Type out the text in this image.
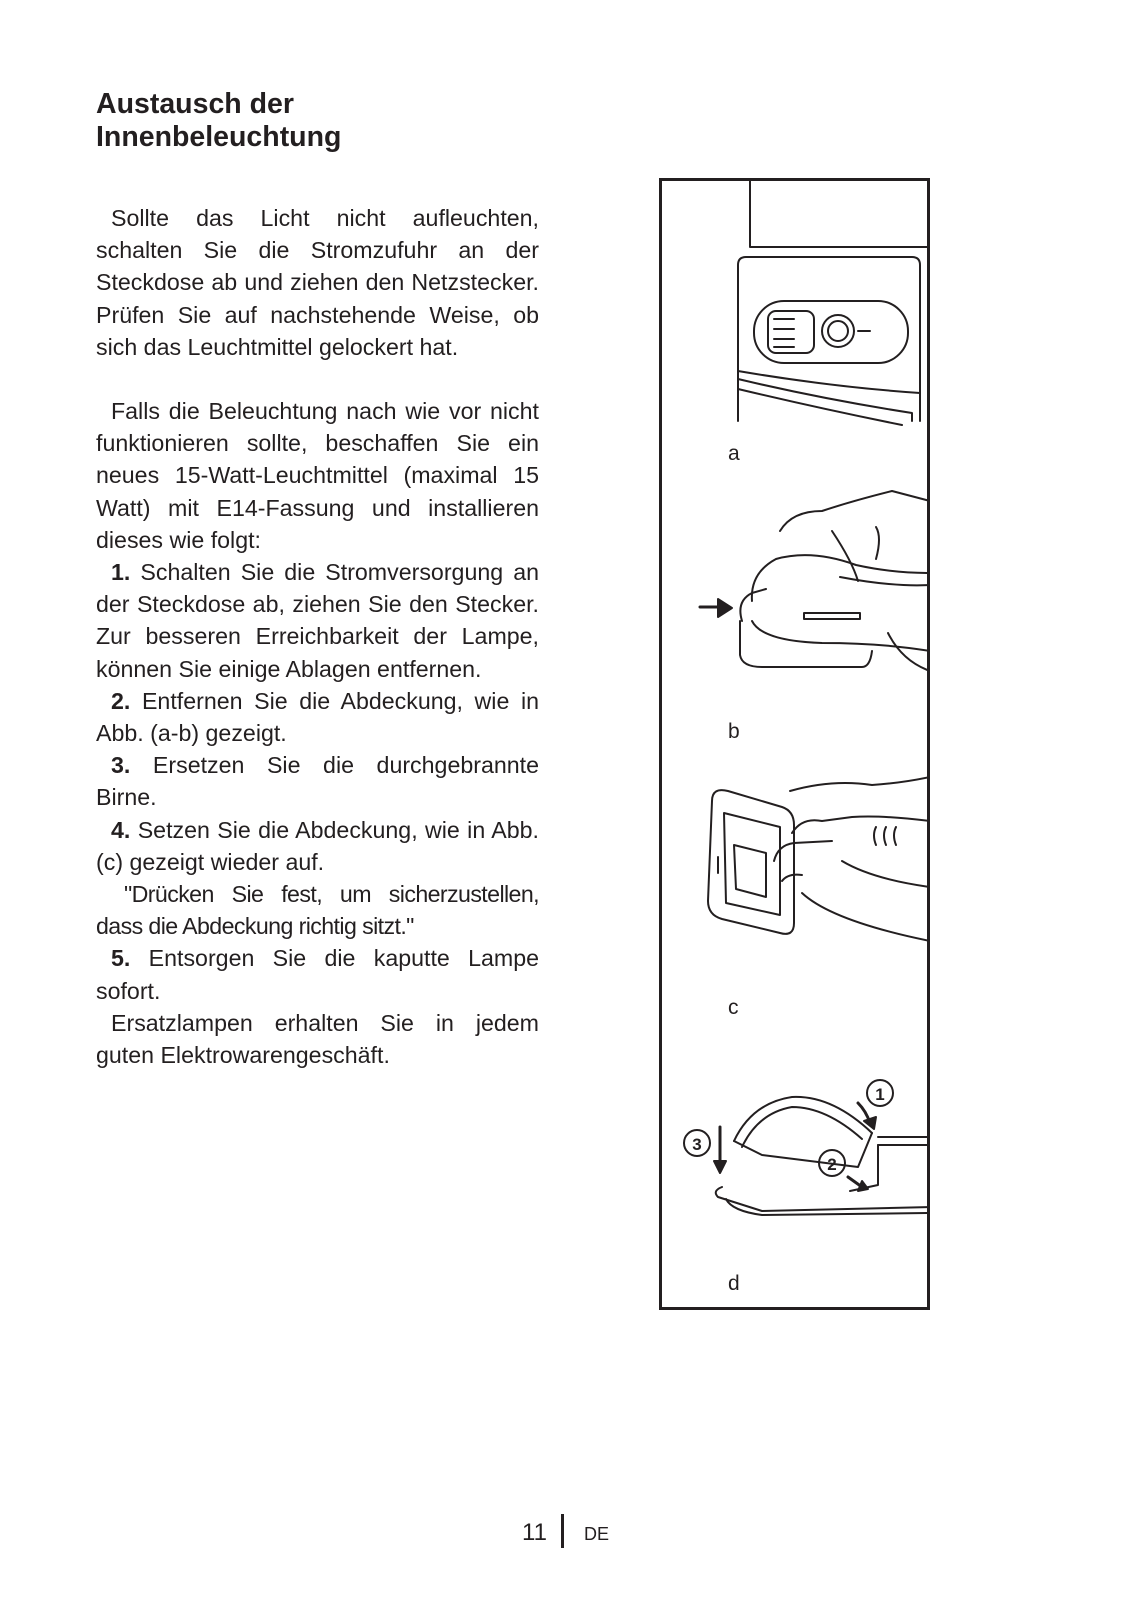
Austausch der
Innenbeleuchtung

Sollte das Licht nicht aufleuchten, schalten Sie die Stromzufuhr an der Steckdose ab und ziehen den Netzstecker. Prüfen Sie auf nachstehende Weise, ob sich das Leuchtmittel gelockert hat.

Falls die Beleuchtung nach wie vor nicht funktionieren sollte, beschaffen Sie ein neues 15-Watt-Leuchtmittel (maximal 15 Watt) mit E14-Fassung und installieren dieses wie folgt:

1. Schalten Sie die Stromversorgung an der Steckdose ab, ziehen Sie den Stecker. Zur besseren Erreichbarkeit der Lampe, können Sie einige Ablagen entfernen.

2. Entfernen Sie die Abdeckung, wie in Abb. (a-b) gezeigt.

3. Ersetzen Sie die durchgebrannte Birne.

4. Setzen Sie die Abdeckung, wie in Abb. (c) gezeigt wieder auf.

"Drücken Sie fest, um sicherzustellen, dass die Abdeckung richtig sitzt."

5. Entsorgen Sie die kaputte Lampe sofort.

Ersatzlampen erhalten Sie in jedem guten Elektrowarengeschäft.

1
2
3
a
b
c
d
11 DE
